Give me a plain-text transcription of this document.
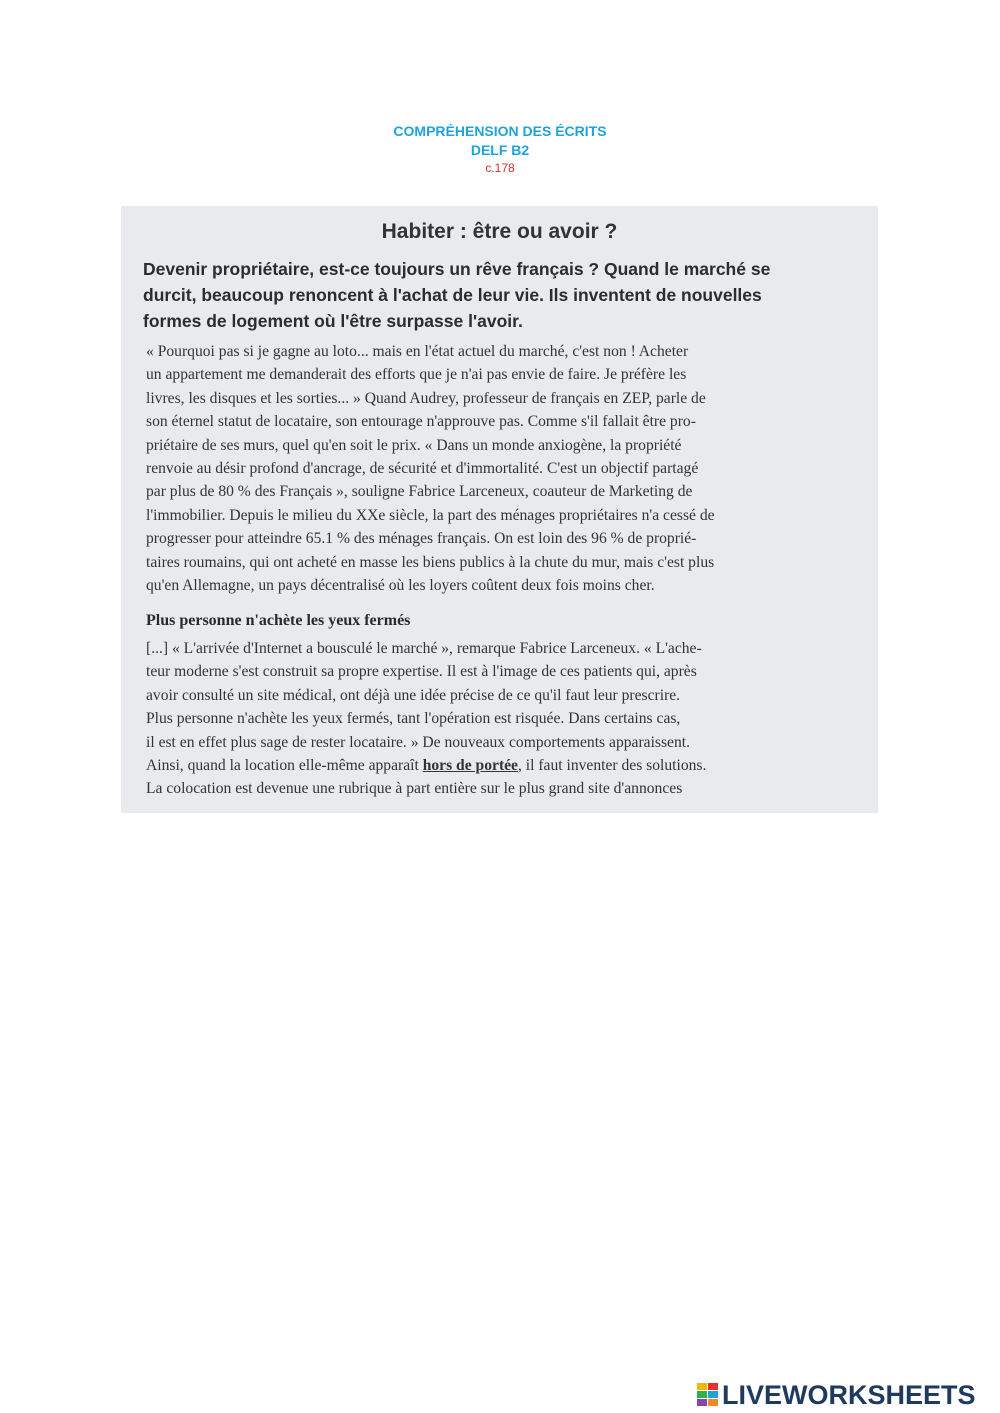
COMPRÉHENSION DES ÉCRITS
DELF B2
c.178
Habiter : être ou avoir ?
Devenir propriétaire, est-ce toujours un rêve français ? Quand le marché se
durcit, beaucoup renoncent à l'achat de leur vie. Ils inventent de nouvelles
formes de logement où l'être surpasse l'avoir.
« Pourquoi pas si je gagne au loto... mais en l'état actuel du marché, c'est non ! Acheter
un appartement me demanderait des efforts que je n'ai pas envie de faire. Je préfère les
livres, les disques et les sorties... » Quand Audrey, professeur de français en ZEP, parle de
son éternel statut de locataire, son entourage n'approuve pas. Comme s'il fallait être pro-
priétaire de ses murs, quel qu'en soit le prix. « Dans un monde anxiogène, la propriété
renvoie au désir profond d'ancrage, de sécurité et d'immortalité. C'est un objectif partagé
par plus de 80 % des Français », souligne Fabrice Larceneux, coauteur de Marketing de
l'immobilier. Depuis le milieu du XXe siècle, la part des ménages propriétaires n'a cessé de
progresser pour atteindre 65.1 % des ménages français. On est loin des 96 % de proprié-
taires roumains, qui ont acheté en masse les biens publics à la chute du mur, mais c'est plus
qu'en Allemagne, un pays décentralisé où les loyers coûtent deux fois moins cher.
Plus personne n'achète les yeux fermés
[...] « L'arrivée d'Internet a bousculé le marché », remarque Fabrice Larceneux. « L'ache-
teur moderne s'est construit sa propre expertise. Il est à l'image de ces patients qui, après
avoir consulté un site médical, ont déjà une idée précise de ce qu'il faut leur prescrire.
Plus personne n'achète les yeux fermés, tant l'opération est risquée. Dans certains cas,
il est en effet plus sage de rester locataire. » De nouveaux comportements apparaissent.
Ainsi, quand la location elle-même apparaît hors de portée, il faut inventer des solutions.
La colocation est devenue une rubrique à part entière sur le plus grand site d'annonces
LIVEWORKSHEETS
